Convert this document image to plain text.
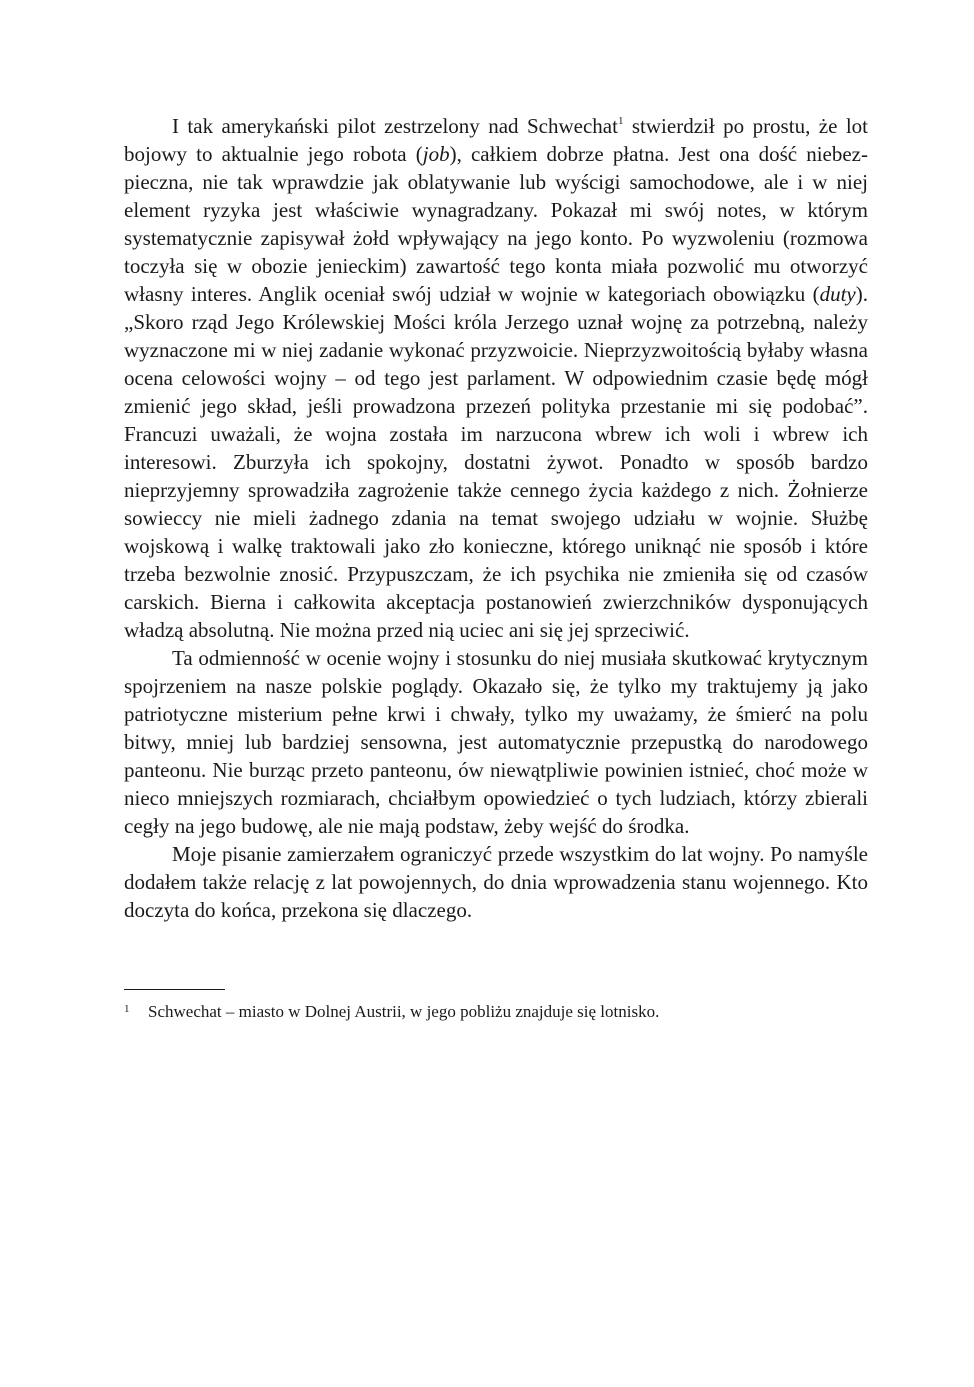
I tak amerykański pilot zestrzelony nad Schwechat$^1$ stwierdził po prostu, że lot bojowy to aktualnie jego robota (job), całkiem dobrze płatna. Jest ona dość niebezpieczna, nie tak wprawdzie jak oblatywanie lub wyścigi samochodowe, ale i w niej element ryzyka jest właściwie wynagradzany. Pokazał mi swój notes, w którym systematycznie zapisywał żołd wpływający na jego konto. Po wyzwoleniu (rozmowa toczyła się w obozie jenieckim) zawartość tego konta miała pozwolić mu otworzyć własny interes. Anglik oceniał swój udział w wojnie w kategoriach obowiązku (duty). „Skoro rząd Jego Królewskiej Mości króla Jerzego uznał wojnę za potrzebną, należy wyznaczone mi w niej zadanie wykonać przyzwoicie. Nieprzyzwoitością byłaby własna ocena celowości wojny – od tego jest parlament. W odpowiednim czasie będę mógł zmienić jego skład, jeśli prowadzona przezeń polityka przestanie mi się podobać”. Francuzi uważali, że wojna została im narzucona wbrew ich woli i wbrew ich interesowi. Zburzyła ich spokojny, dostatni żywot. Ponadto w sposób bardzo nieprzyjemny sprowadziła zagrożenie także cennego życia każdego z nich. Żołnierze sowieccy nie mieli żadnego zdania na temat swojego udziału w wojnie. Służbę wojskową i walkę traktowali jako zło konieczne, którego uniknąć nie sposób i które trzeba bezwolnie znosić. Przypuszczam, że ich psychika nie zmieniła się od czasów carskich. Bierna i całkowita akceptacja postanowień zwierzchników dysponujących władzą absolutną. Nie można przed nią uciec ani się jej sprzeciwić.

Ta odmienność w ocenie wojny i stosunku do niej musiała skutkować krytycznym spojrzeniem na nasze polskie poglądy. Okazało się, że tylko my traktujemy ją jako patriotyczne misterium pełne krwi i chwały, tylko my uważamy, że śmierć na polu bitwy, mniej lub bardziej sensowna, jest automatycznie przepustką do narodowego panteonu. Nie burząc przeto panteonu, ów niewątpliwie powinien istnieć, choć może w nieco mniejszych rozmiarach, chciałbym opowiedzieć o tych ludziach, którzy zbierali cegły na jego budowę, ale nie mają podstaw, żeby wejść do środka.

Moje pisanie zamierzałem ograniczyć przede wszystkim do lat wojny. Po namyśle dodałem także relację z lat powojennych, do dnia wprowadzenia stanu wojennego. Kto doczyta do końca, przekona się dlaczego.

1 Schwechat – miasto w Dolnej Austrii, w jego pobliżu znajduje się lotnisko.
